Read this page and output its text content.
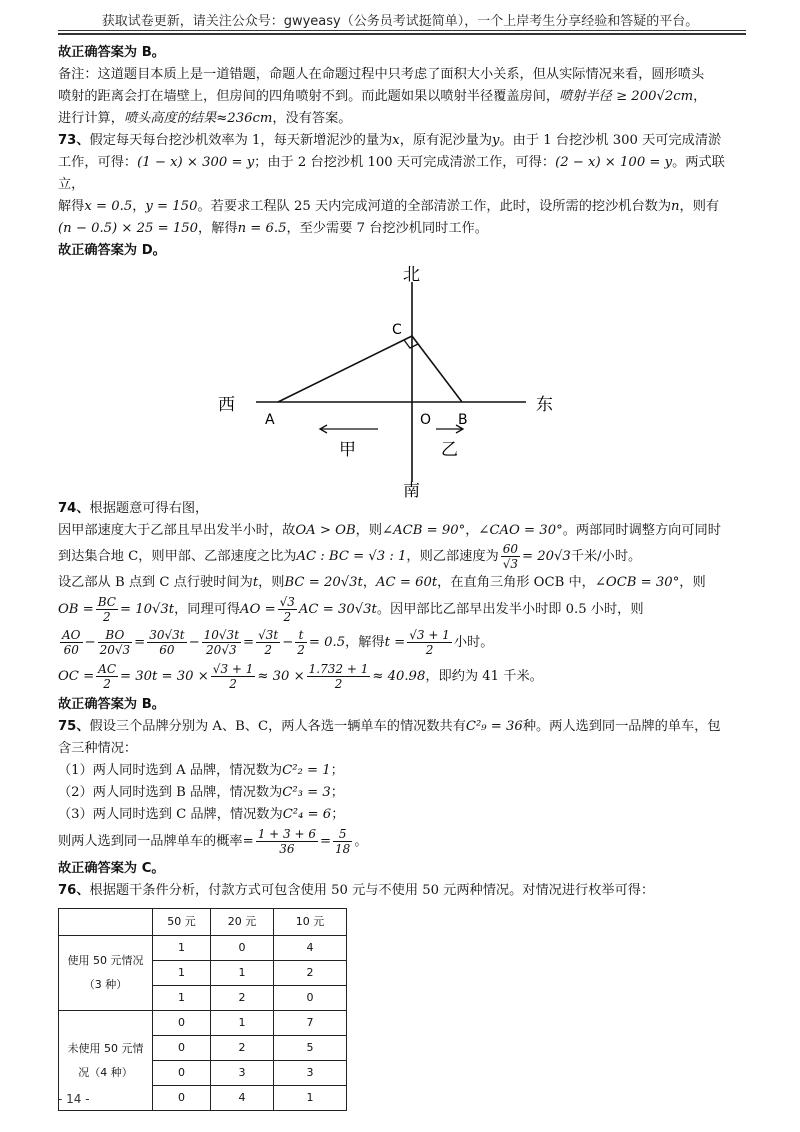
获取试卷更新，请关注公众号：gwyeasy（公务员考试挺简单），一个上岸考生分享经验和答疑的平台。

故正确答案为 B。

备注：这道题目本质上是一道错题，命题人在命题过程中只考虑了面积大小关系，但从实际情况来看，圆形喷头

喷射的距离会打在墙壁上，但房间的四角喷射不到。而此题如果以喷射半径覆盖房间，喷射半径 ≥ 200√2cm，

进行计算，喷头高度的结果≈236cm，没有答案。

73、假定每天每台挖沙机效率为 1，每天新增泥沙的量为x，原有泥沙量为y。由于 1 台挖沙机 300 天可完成清淤

工作，可得：(1 − x) × 300 = y；由于 2 台挖沙机 100 天可完成清淤工作，可得：(2 − x) × 100 = y。两式联立，

解得x = 0.5，y = 150。若要求工程队 25 天内完成河道的全部清淤工作，此时，设所需的挖沙机台数为n，则有

(n − 0.5) × 25 = 150，解得n = 6.5，至少需要 7 台挖沙机同时工作。

故正确答案为 D。

北
南
西	东
A	B
C
O
甲	乙

74、根据题意可得右图，

因甲部速度大于乙部且早出发半小时，故OA > OB，则∠ACB = 90°，∠CAO = 30°。两部同时调整方向可同时

到达集合地 C，则甲部、乙部速度之比为AC : BC = √3 : 1，则乙部速度为 $\frac{60}{√3} = 20√3$千米/小时。

设乙部从 B 点到 C 点行驶时间为t，则BC = 20√3t，AC = 60t，在直角三角形 OCB 中，∠OCB = 30°，则

OB = $\frac{BC}{2} = 10√3t$，同理可得AO = $\frac{√3}{2}$ AC = 30√3t。因甲部比乙部早出发半小时即 0.5 小时，则

$\frac{AO}{60} - \frac{BO}{20√3} = \frac{30√3t}{60} - \frac{10√3t}{20√3} = \frac{√3t}{2} - \frac{t}{2} = 0.5$，解得$t = \frac{√3 + 1}{2}$ 小时。

OC = $\frac{AC}{2} = 30t = 30 \times \frac{√3 + 1}{2} \approx 30 \times \frac{1.732 + 1}{2} \approx 40.98$，即约为 41 千米。

故正确答案为 B。

75、假设三个品牌分别为 A、B、C，两人各选一辆单车的情况数共有C²₉ = 36种。两人选到同一品牌的单车，包

含三种情况：

（1）两人同时选到 A 品牌，情况数为C²₂ = 1；

（2）两人同时选到 B 品牌，情况数为C²₃ = 3；

（3）两人同时选到 C 品牌，情况数为C²₄ = 6；

则两人选到同一品牌单车的概率= $\frac{1 + 3 + 6}{36} = \frac{5}{18}$ 。

故正确答案为 C。

76、根据题干条件分析，付款方式可包含使用 50 元与不使用 50 元两种情况。对情况进行枚举可得：

	50 元	20 元	10 元

使用 50 元情况
（3 种）	1	0	4
	1	1	2
	1	2	0

未使用 50 元情
况（4 种）	0	1	7
	0	2	5
	0	3	3
	0	4	1
- 14 -
